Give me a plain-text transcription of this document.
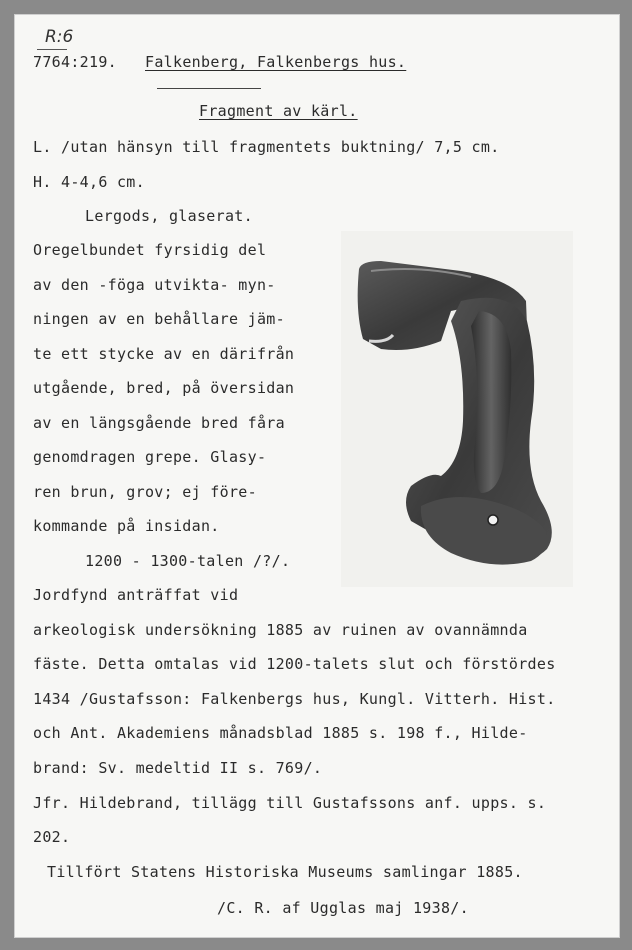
R:6
7764:219. Falkenberg, Falkenbergs hus.
Fragment av kärl.
L. /utan hänsyn till fragmentets buktning/ 7,5 cm.
H. 4-4,6 cm.
Lergods, glaserat.
Oregelbundet fyrsidig del
av den -föga utvikta- myn-
ningen av en behållare jäm-
te ett stycke av en därifrån
utgående, bred, på översidan
av en längsgående bred fåra
genomdragen grepe. Glasy-
ren brun, grov; ej före-
kommande på insidan.
1200 - 1300-talen /?/.
Jordfynd anträffat vid
arkeologisk undersökning 1885 av ruinen av ovannämnda
fäste. Detta omtalas vid 1200-talets slut och förstördes
1434 /Gustafsson: Falkenbergs hus, Kungl. Vitterh. Hist.
och Ant. Akademiens månadsblad 1885 s. 198 f., Hilde-
brand: Sv. medeltid II s. 769/.
Jfr. Hildebrand, tillägg till Gustafssons anf. upps. s.
202.
Tillfört Statens Historiska Museums samlingar 1885.
/C. R. af Ugglas maj 1938/.
